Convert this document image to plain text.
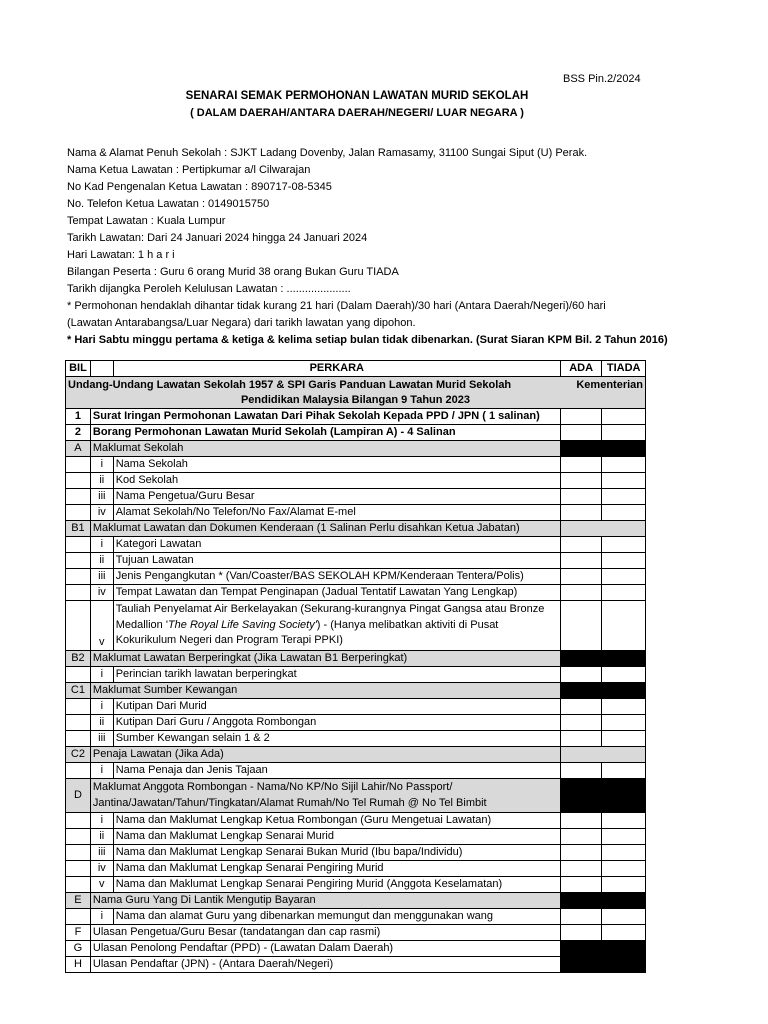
BSS Pin.2/2024
SENARAI SEMAK PERMOHONAN LAWATAN MURID SEKOLAH
( DALAM DAERAH/ANTARA DAERAH/NEGERI/ LUAR NEGARA )
Nama & Alamat Penuh Sekolah : SJKT Ladang Dovenby, Jalan Ramasamy, 31100 Sungai Siput (U) Perak.
Nama Ketua Lawatan : Pertipkumar a/l Cilwarajan
No Kad Pengenalan Ketua Lawatan : 890717-08-5345
No. Telefon Ketua Lawatan : 0149015750
Tempat Lawatan : Kuala Lumpur
Tarikh Lawatan: Dari 24 Januari 2024 hingga 24 Januari 2024
Hari Lawatan: 1 h a r i
Bilangan Peserta : Guru 6 orang Murid 38 orang Bukan Guru TIADA
Tarikh dijangka Peroleh Kelulusan Lawatan : .....................
* Permohonan hendaklah dihantar tidak kurang 21 hari (Dalam Daerah)/30 hari (Antara Daerah/Negeri)/60 hari
(Lawatan Antarabangsa/Luar Negara) dari tarikh lawatan yang dipohon.
* Hari Sabtu minggu pertama & ketiga & kelima setiap bulan tidak dibenarkan. (Surat Siaran KPM Bil. 2 Tahun 2016)
BIL		PERKARA	ADA	TIADA

Undang-Undang Lawatan Sekolah 1957 & SPI Garis Panduan Lawatan Murid Sekolah Kementerian
Pendidikan Malaysia Bilangan 9 Tahun 2023				

1	Surat Iringan Permohonan Lawatan Dari Pihak Sekolah Kepada PPD / JPN ( 1 salinan)			
2	Borang Permohonan Lawatan Murid Sekolah (Lampiran A) - 4 Salinan			
A	Maklumat Sekolah			
	i	Nama Sekolah		
	ii	Kod Sekolah		
	iii	Nama Pengetua/Guru Besar		
	iv	Alamat Sekolah/No Telefon/No Fax/Alamat E-mel		
B1	Maklumat Lawatan dan Dokumen Kenderaan (1 Salinan Perlu disahkan Ketua Jabatan)			
	i	Kategori Lawatan		
	ii	Tujuan Lawatan		
	iii	Jenis Pengangkutan * (Van/Coaster/BAS SEKOLAH KPM/Kenderaan Tentera/Polis)		
	iv	Tempat Lawatan dan Tempat Penginapan (Jadual Tentatif Lawatan Yang Lengkap)		
	v	Tauliah Penyelamat Air Berkelayakan (Sekurang-kurangnya Pingat Gangsa atau Bronze
Medallion 'The Royal Life Saving Society') - (Hanya melibatkan aktiviti di Pusat
Kokurikulum Negeri dan Program Terapi PPKI)		

B2	Maklumat Lawatan Berperingkat (Jika Lawatan B1 Berperingkat)			
	i	Perincian tarikh lawatan berperingkat		
C1	Maklumat Sumber Kewangan			
	i	Kutipan Dari Murid		
	ii	Kutipan Dari Guru / Anggota Rombongan		
	iii	Sumber Kewangan selain 1 & 2		
C2	Penaja Lawatan (Jika Ada)			
	i	Nama Penaja dan Jenis Tajaan		
D	Maklumat Anggota Rombongan - Nama/No KP/No Sijil Lahir/No Passport/
Jantina/Jawatan/Tahun/Tingkatan/Alamat Rumah/No Tel Rumah @ No Tel Bimbit			

	i	Nama dan Maklumat Lengkap Ketua Rombongan (Guru Mengetuai Lawatan)		
	ii	Nama dan Maklumat Lengkap Senarai Murid		
	iii	Nama dan Maklumat Lengkap Senarai Bukan Murid (Ibu bapa/Individu)		
	iv	Nama dan Maklumat Lengkap Senarai Pengiring Murid		
	v	Nama dan Maklumat Lengkap Senarai Pengiring Murid (Anggota Keselamatan)		
E	Nama Guru Yang Di Lantik Mengutip Bayaran			
	i	Nama dan alamat Guru yang dibenarkan memungut dan menggunakan wang		
F	Ulasan Pengetua/Guru Besar (tandatangan dan cap rasmi)			
G	Ulasan Penolong Pendaftar (PPD) - (Lawatan Dalam Daerah)			
H	Ulasan Pendaftar (JPN) - (Antara Daerah/Negeri)			
